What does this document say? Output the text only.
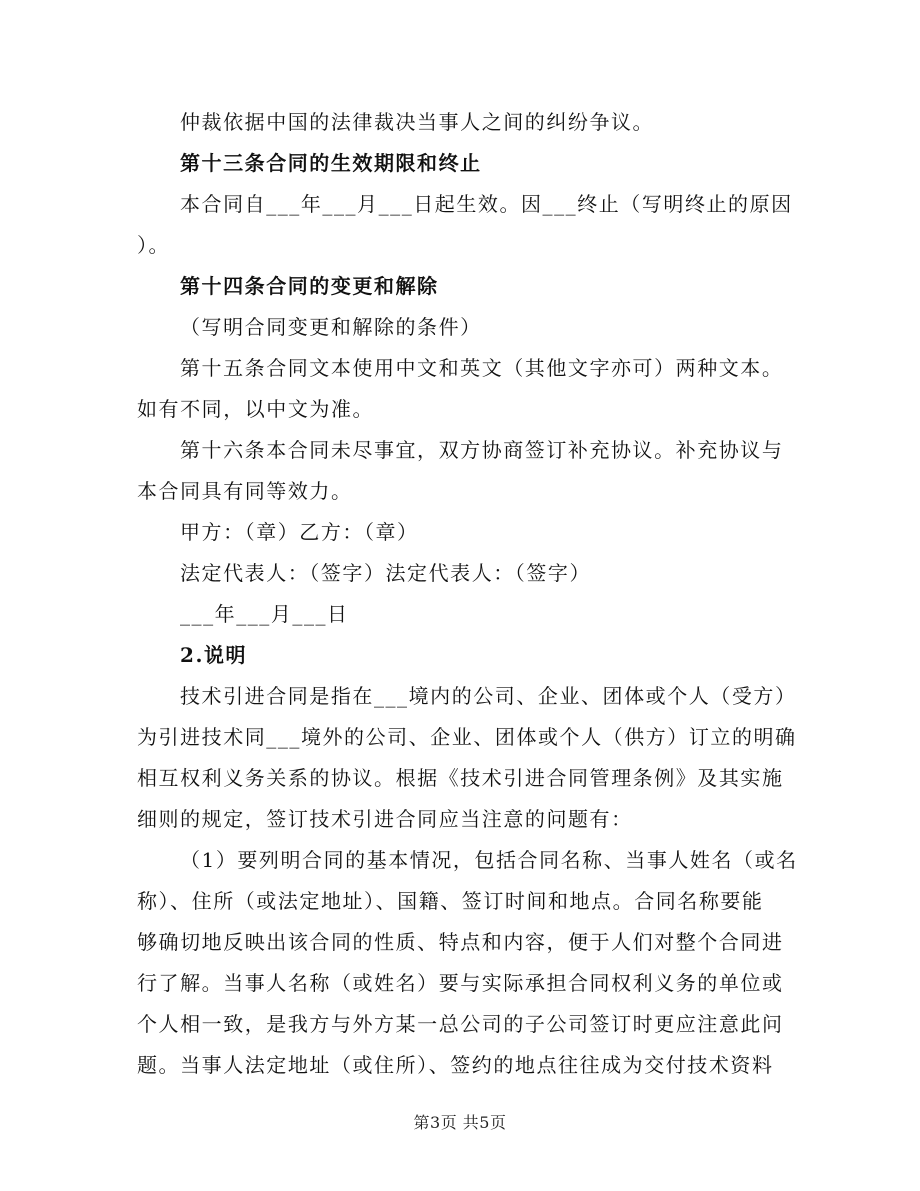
仲裁依据中国的法律裁决当事人之间的纠纷争议。
第十三条合同的生效期限和终止
本合同自___年___月___日起生效。因___终止（写明终止的原因
）。
第十四条合同的变更和解除
（写明合同变更和解除的条件）
第十五条合同文本使用中文和英文（其他文字亦可）两种文本。
如有不同，以中文为准。
第十六条本合同未尽事宜，双方协商签订补充协议。补充协议与
本合同具有同等效力。
甲方：（章）乙方：（章）
法定代表人：（签字）法定代表人：（签字）
___年___月___日
2.说明
技术引进合同是指在___境内的公司、企业、团体或个人（受方）
为引进技术同___境外的公司、企业、团体或个人（供方）订立的明确
相互权利义务关系的协议。根据《技术引进合同管理条例》及其实施
细则的规定，签订技术引进合同应当注意的问题有：
（1）要列明合同的基本情况，包括合同名称、当事人姓名（或名
称）、住所（或法定地址）、国籍、签订时间和地点。合同名称要能
够确切地反映出该合同的性质、特点和内容，便于人们对整个合同进
行了解。当事人名称（或姓名）要与实际承担合同权利义务的单位或
个人相一致，是我方与外方某一总公司的子公司签订时更应注意此问
题。当事人法定地址（或住所）、签约的地点往往成为交付技术资料
第3页 共5页
